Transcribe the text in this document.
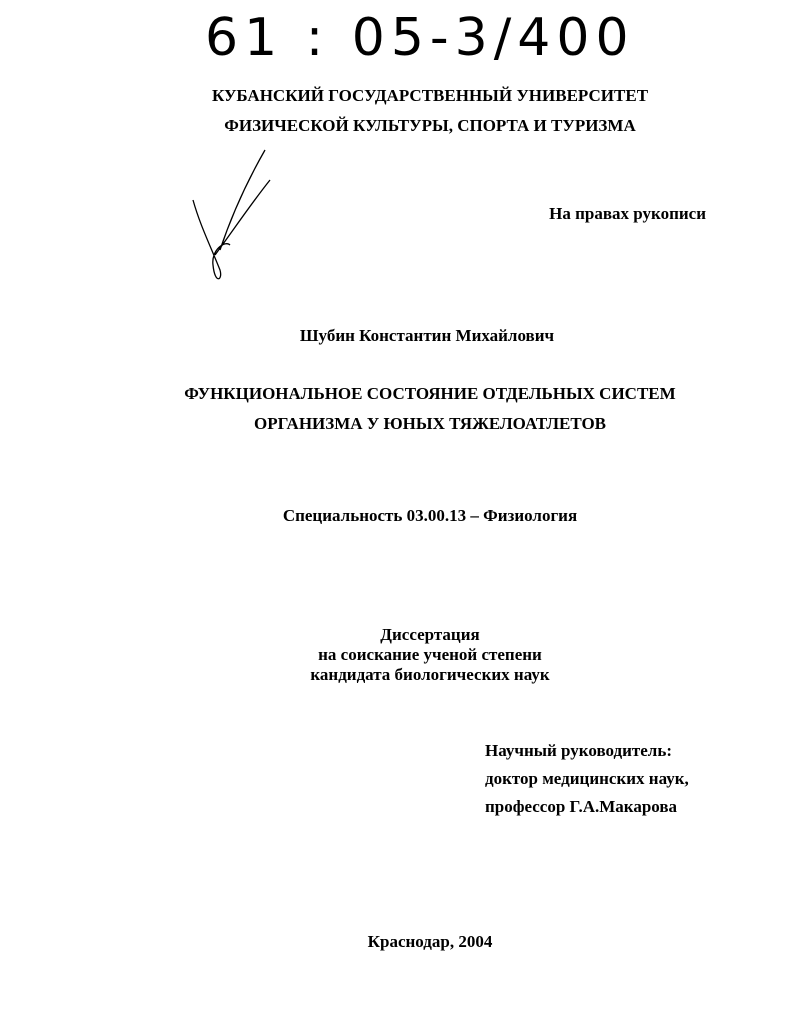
61 : 05-3/400
КУБАНСКИЙ ГОСУДАРСТВЕННЫЙ УНИВЕРСИТЕТ
ФИЗИЧЕСКОЙ КУЛЬТУРЫ, СПОРТА И ТУРИЗМА
На правах рукописи
Шубин Константин Михайлович
ФУНКЦИОНАЛЬНОЕ СОСТОЯНИЕ ОТДЕЛЬНЫХ СИСТЕМ
ОРГАНИЗМА У ЮНЫХ ТЯЖЕЛОАТЛЕТОВ
Специальность 03.00.13 – Физиология
Диссертация
на соискание ученой степени
кандидата биологических наук
Научный руководитель:
доктор медицинских наук,
профессор Г.А.Макарова
Краснодар, 2004
